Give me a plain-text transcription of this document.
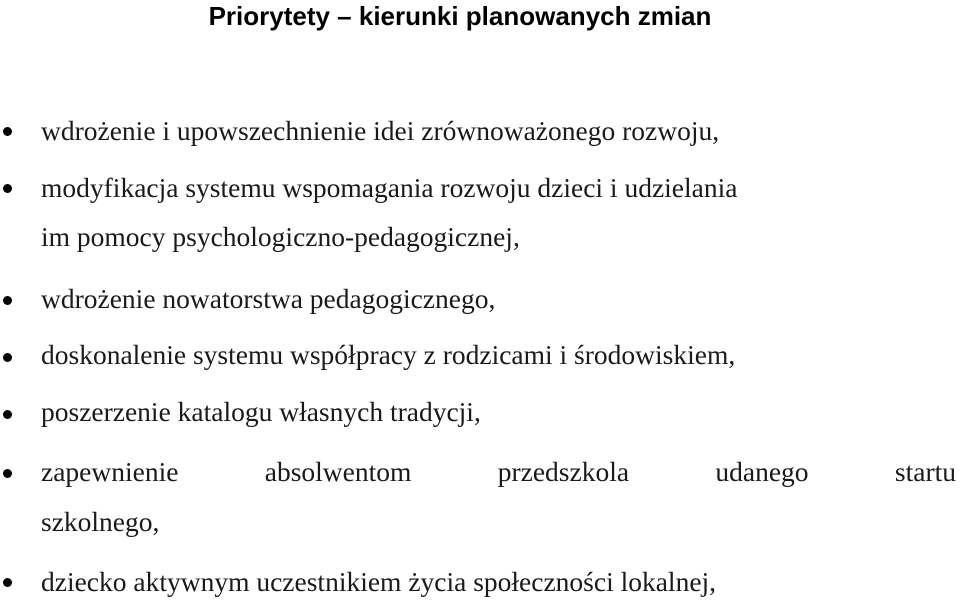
Priorytety – kierunki planowanych zmian
wdrożenie i upowszechnienie idei zrównoważonego rozwoju,
modyfikacja systemu wspomagania rozwoju dzieci i udzielania
im pomocy psychologiczno-pedagogicznej,
wdrożenie nowatorstwa pedagogicznego,
doskonalenie systemu współpracy z rodzicami i środowiskiem,
poszerzenie katalogu własnych tradycji,
zapewnienie absolwentom przedszkola udanego startu
szkolnego,
dziecko aktywnym uczestnikiem życia społeczności lokalnej,
